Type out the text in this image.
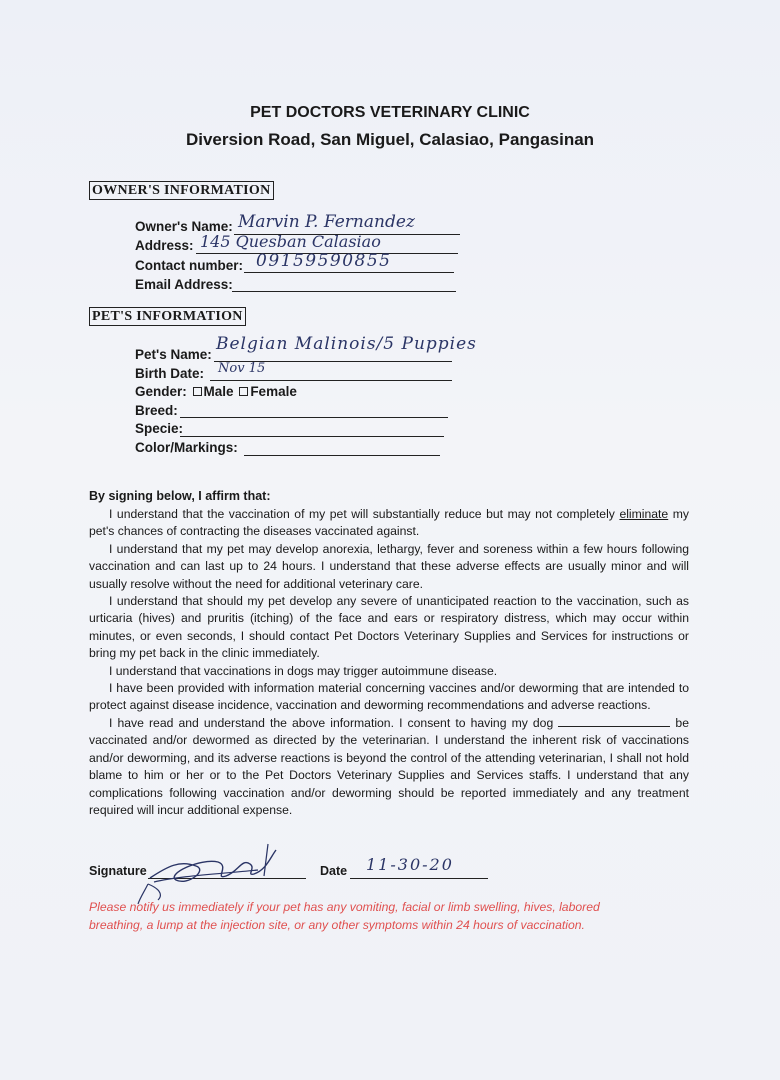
PET DOCTORS VETERINARY CLINIC
Diversion Road, San Miguel, Calasiao, Pangasinan
OWNER'S INFORMATION
Owner's Name: Marvin P. Fernandez
Address: 145 Quesban Calasiao
Contact number: 09159590855
Email Address:
PET'S INFORMATION
Pet's Name:
Belgian Malinois/5 Puppies
Birth Date: Nov 15
Gender: Male Female
Breed:
Specie:
Color/Markings:
By signing below, I affirm that:

I understand that the vaccination of my pet will substantially reduce but may not completely eliminate my pet's chances of contracting the diseases vaccinated against.

I understand that my pet may develop anorexia, lethargy, fever and soreness within a few hours following vaccination and can last up to 24 hours. I understand that these adverse effects are usually minor and will usually resolve without the need for additional veterinary care.

I understand that should my pet develop any severe of unanticipated reaction to the vaccination, such as urticaria (hives) and pruritis (itching) of the face and ears or respiratory distress, which may occur within minutes, or even seconds, I should contact Pet Doctors Veterinary Supplies and Services for instructions or bring my pet back in the clinic immediately.

I understand that vaccinations in dogs may trigger autoimmune disease.

I have been provided with information material concerning vaccines and/or deworming that are intended to protect against disease incidence, vaccination and deworming recommendations and adverse reactions.

I have read and understand the above information. I consent to having my dog	be vaccinated and/or dewormed as directed by the veterinarian. I understand the inherent risk of vaccinations and/or deworming, and its adverse reactions is beyond the control of the attending veterinarian, I shall not hold blame to him or her or to the Pet Doctors Veterinary Supplies and Services staffs. I understand that any complications following vaccination and/or deworming should be reported immediately and any treatment required will incur additional expense.

Signature	Date 11-30-20
Please notify us immediately if your pet has any vomiting, facial or limb swelling, hives, labored breathing, a lump at the injection site, or any other symptoms within 24 hours of vaccination.
